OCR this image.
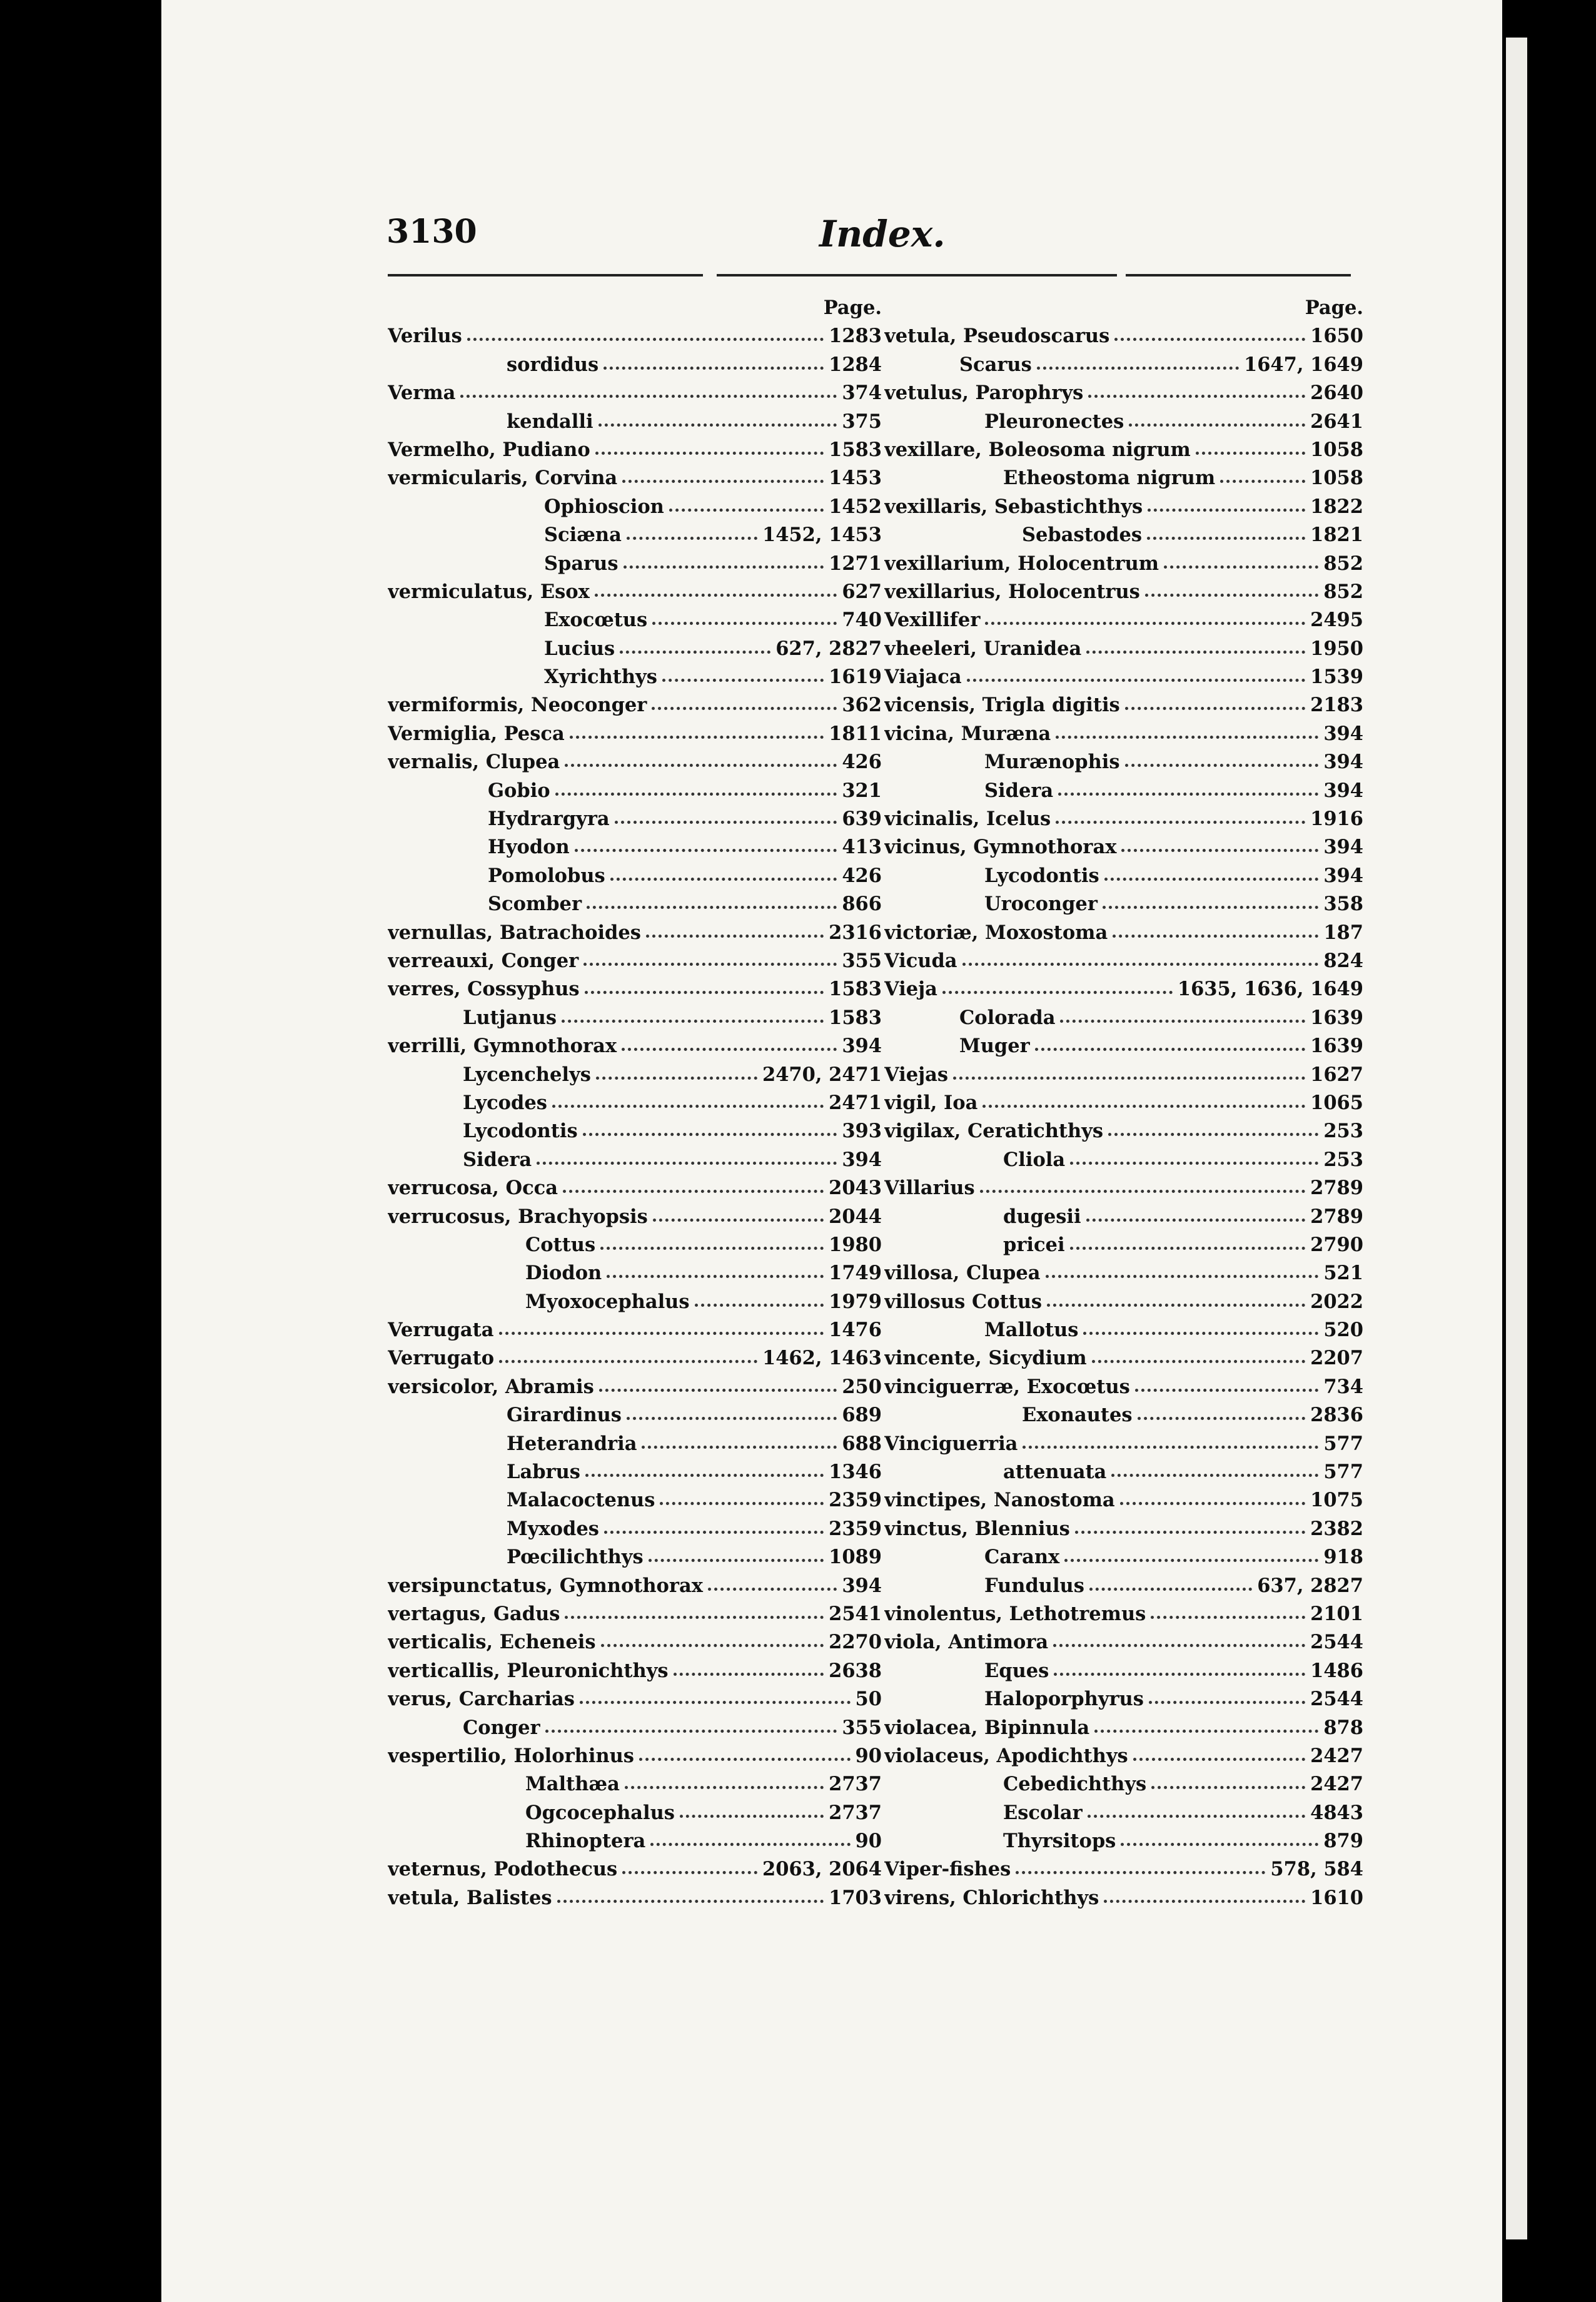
3130	Index.
Page.
Verilus	1283
sordidus	1284
Verma	374
kendalli	375
Vermelho, Pudiano	1583
vermicularis, Corvina	1453
Ophioscion	1452
Sciæna	1452, 1453
Sparus	1271
vermiculatus, Esox	627
Exocœtus	740
Lucius	627, 2827
Xyrichthys	1619
vermiformis, Neoconger	362
Vermiglia, Pesca	1811
vernalis, Clupea	426
Gobio	321
Hydrargyra	639
Hyodon	413
Pomolobus	426
Scomber	866
vernullas, Batrachoides	2316
verreauxi, Conger	355
verres, Cossyphus	1583
Lutjanus	1583
verrilli, Gymnothorax	394
Lycenchelys	2470, 2471
Lycodes	2471
Lycodontis	393
Sidera	394
verrucosa, Occa	2043
verrucosus, Brachyopsis	2044
Cottus	1980
Diodon	1749
Myoxocephalus	1979
Verrugata	1476
Verrugato	1462, 1463
versicolor, Abramis	250
Girardinus	689
Heterandria	688
Labrus	1346
Malacoctenus	2359
Myxodes	2359
Pœcilichthys	1089
versipunctatus, Gymnothorax	394
vertagus, Gadus	2541
verticalis, Echeneis	2270
verticallis, Pleuronichthys	2638
verus, Carcharias	50
Conger	355
vespertilio, Holorhinus	90
Malthæa	2737
Ogcocephalus	2737
Rhinoptera	90
veternus, Podothecus	2063, 2064
vetula, Balistes	1703
Page.
vetula, Pseudoscarus	1650
Scarus	1647, 1649
vetulus, Parophrys	2640
Pleuronectes	2641
vexillare, Boleosoma nigrum	1058
Etheostoma nigrum	1058
vexillaris, Sebastichthys	1822
Sebastodes	1821
vexillarium, Holocentrum	852
vexillarius, Holocentrus	852
Vexillifer	2495
vheeleri, Uranidea	1950
Viajaca	1539
vicensis, Trigla digitis	2183
vicina, Muræna	394
Murænophis	394
Sidera	394
vicinalis, Icelus	1916
vicinus, Gymnothorax	394
Lycodontis	394
Uroconger	358
victoriæ, Moxostoma	187
Vicuda	824
Vieja	1635, 1636, 1649
Colorada	1639
Muger	1639
Viejas	1627
vigil, Ioa	1065
vigilax, Ceratichthys	253
Cliola	253
Villarius	2789
dugesii	2789
pricei	2790
villosa, Clupea	521
villosus Cottus	2022
Mallotus	520
vincente, Sicydium	2207
vinciguerræ, Exocœtus	734
Exonautes	2836
Vinciguerria	577
attenuata	577
vinctipes, Nanostoma	1075
vinctus, Blennius	2382
Caranx	918
Fundulus	637, 2827
vinolentus, Lethotremus	2101
viola, Antimora	2544
Eques	1486
Haloporphyrus	2544
violacea, Bipinnula	878
violaceus, Apodichthys	2427
Cebedichthys	2427
Escolar	4843
Thyrsitops	879
Viper-fishes	578, 584
virens, Chlorichthys	1610
